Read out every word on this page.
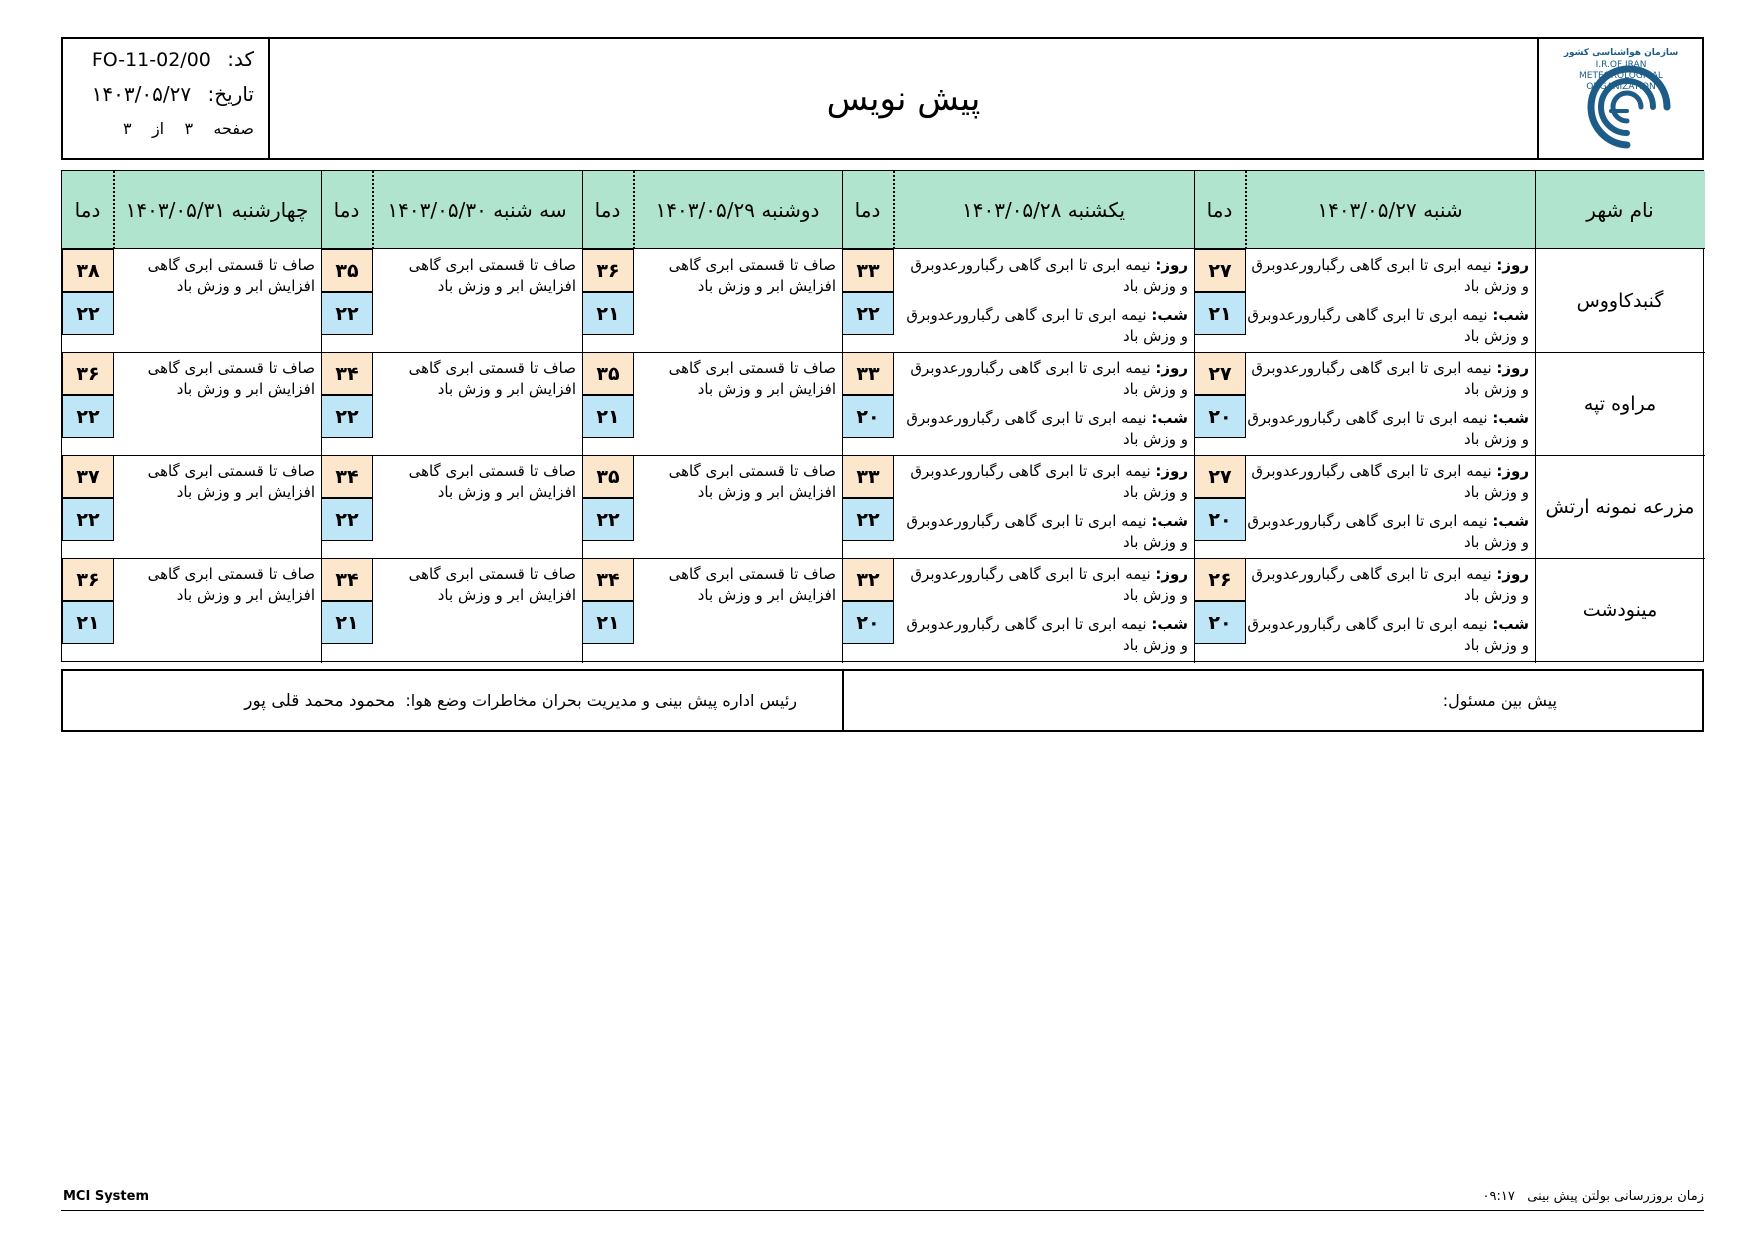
کد: FO-11-02/00
تاریخ: ۱۴۰۳/۰۵/۲۷
صفحه    ۳    از    ۳
پیش نویس
سازمان هواشناسی کشور
I.R.OF IRAN
METEOROLOGICAL
ORGANIZATION
نام شهر
شنبه ۱۴۰۳/۰۵/۲۷
دما
یکشنبه ۱۴۰۳/۰۵/۲۸
دما
دوشنبه ۱۴۰۳/۰۵/۲۹
دما
سه شنبه ۱۴۰۳/۰۵/۳۰
دما
چهارشنبه ۱۴۰۳/۰۵/۳۱
دما
گنبدکاووس
روز: نیمه ابری تا ابری گاهی رگبارورعدوبرق و وزش باد
شب: نیمه ابری تا ابری گاهی رگبارورعدوبرق و وزش باد
۲۷
۲۱
روز: نیمه ابری تا ابری گاهی رگبارورعدوبرق و وزش باد
شب: نیمه ابری تا ابری گاهی رگبارورعدوبرق و وزش باد
۳۳
۲۲
صاف تا قسمتی ابری گاهی افزایش ابر و وزش باد
۳۶
۲۱
صاف تا قسمتی ابری گاهی افزایش ابر و وزش باد
۳۵
۲۲
صاف تا قسمتی ابری گاهی افزایش ابر و وزش باد
۳۸
۲۲
مراوه تپه
روز: نیمه ابری تا ابری گاهی رگبارورعدوبرق و وزش باد
شب: نیمه ابری تا ابری گاهی رگبارورعدوبرق و وزش باد
۲۷
۲۰
روز: نیمه ابری تا ابری گاهی رگبارورعدوبرق و وزش باد
شب: نیمه ابری تا ابری گاهی رگبارورعدوبرق و وزش باد
۳۳
۲۰
صاف تا قسمتی ابری گاهی افزایش ابر و وزش باد
۳۵
۲۱
صاف تا قسمتی ابری گاهی افزایش ابر و وزش باد
۳۴
۲۲
صاف تا قسمتی ابری گاهی افزایش ابر و وزش باد
۳۶
۲۲
مزرعه نمونه ارتش
روز: نیمه ابری تا ابری گاهی رگبارورعدوبرق و وزش باد
شب: نیمه ابری تا ابری گاهی رگبارورعدوبرق و وزش باد
۲۷
۲۰
روز: نیمه ابری تا ابری گاهی رگبارورعدوبرق و وزش باد
شب: نیمه ابری تا ابری گاهی رگبارورعدوبرق و وزش باد
۳۳
۲۲
صاف تا قسمتی ابری گاهی افزایش ابر و وزش باد
۳۵
۲۲
صاف تا قسمتی ابری گاهی افزایش ابر و وزش باد
۳۴
۲۲
صاف تا قسمتی ابری گاهی افزایش ابر و وزش باد
۳۷
۲۲
مینودشت
روز: نیمه ابری تا ابری گاهی رگبارورعدوبرق و وزش باد
شب: نیمه ابری تا ابری گاهی رگبارورعدوبرق و وزش باد
۲۶
۲۰
روز: نیمه ابری تا ابری گاهی رگبارورعدوبرق و وزش باد
شب: نیمه ابری تا ابری گاهی رگبارورعدوبرق و وزش باد
۳۲
۲۰
صاف تا قسمتی ابری گاهی افزایش ابر و وزش باد
۳۴
۲۱
صاف تا قسمتی ابری گاهی افزایش ابر و وزش باد
۳۴
۲۱
صاف تا قسمتی ابری گاهی افزایش ابر و وزش باد
۳۶
۲۱
پیش بین مسئول:
رئیس اداره پیش بینی و مدیریت بحران مخاطرات وضع هوا:

محمود محمد قلی پور
MCI System	زمان بروزرسانی بولتن پیش بینی   ۰۹:۱۷
